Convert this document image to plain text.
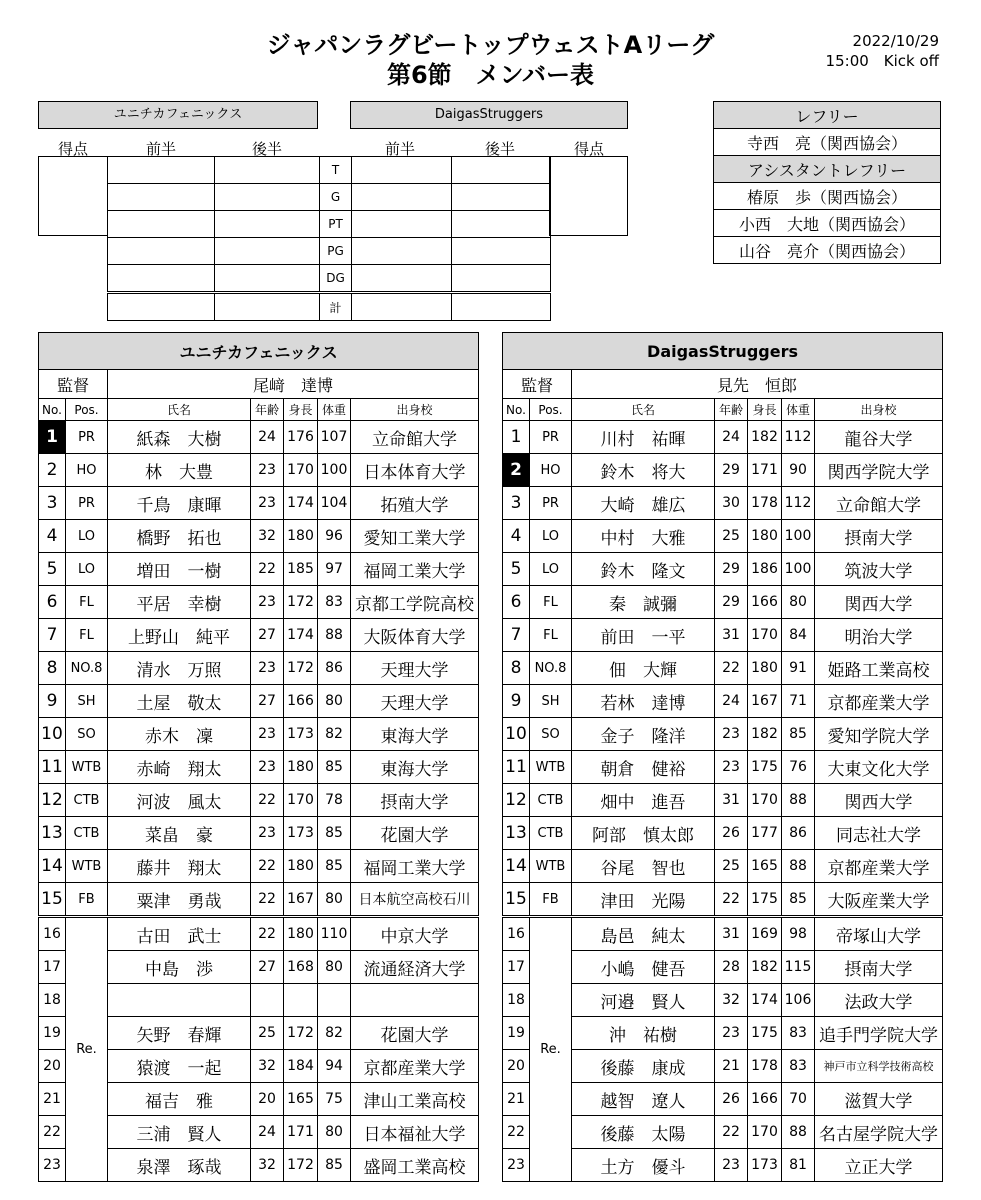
ジャパンラグビートップウェストAリーグ
第6節　メンバー表
2022/10/29
15:00　Kick off
ユニチカフェニックス	DaigasStruggers
得点	前半	後半	前半	後半	得点
		T		
		G		
		PT		
		PG		
		DG		
		計		
レフリー
寺西　亮（関西協会）
アシスタントレフリー
椿原　歩（関西協会）
小西　大地（関西協会）
山谷　亮介（関西協会）
ユニチカフェニックス						
監督		尾﨑　達博				
No.	Pos.	氏名	年齢	身長	体重	出身校
1	PR	紙森　大樹	24	176	107	立命館大学
2	HO	林　大豊	23	170	100	日本体育大学
3	PR	千鳥　康暉	23	174	104	拓殖大学
4	LO	橋野　拓也	32	180	96	愛知工業大学
5	LO	増田　一樹	22	185	97	福岡工業大学
6	FL	平居　幸樹	23	172	83	京都工学院高校
7	FL	上野山　純平	27	174	88	大阪体育大学
8	NO.8	清水　万照	23	172	86	天理大学
9	SH	土屋　敬太	27	166	80	天理大学
10	SO	赤木　凜	23	173	82	東海大学
11	WTB	赤崎　翔太	23	180	85	東海大学
12	CTB	河波　風太	22	170	78	摂南大学
13	CTB	菜畠　豪	23	173	85	花園大学
14	WTB	藤井　翔太	22	180	85	福岡工業大学
15	FB	粟津　勇哉	22	167	80	日本航空高校石川
16	Re.	古田　武士	22	180	110	中京大学
17		中島　渉	27	168	80	流通経済大学
18						
19		矢野　春輝	25	172	82	花園大学
20		猿渡　一起	32	184	94	京都産業大学
21		福吉　雅	20	165	75	津山工業高校
22		三浦　賢人	24	171	80	日本福祉大学
23		泉澤　琢哉	32	172	85	盛岡工業高校
DaigasStruggers						
監督		見先　恒郎				
No.	Pos.	氏名	年齢	身長	体重	出身校
1	PR	川村　祐暉	24	182	112	龍谷大学
2	HO	鈴木　将大	29	171	90	関西学院大学
3	PR	大崎　雄広	30	178	112	立命館大学
4	LO	中村　大雅	25	180	100	摂南大学
5	LO	鈴木　隆文	29	186	100	筑波大学
6	FL	秦　誠彌	29	166	80	関西大学
7	FL	前田　一平	31	170	84	明治大学
8	NO.8	佃　大輝	22	180	91	姫路工業高校
9	SH	若林　達博	24	167	71	京都産業大学
10	SO	金子　隆洋	23	182	85	愛知学院大学
11	WTB	朝倉　健裕	23	175	76	大東文化大学
12	CTB	畑中　進吾	31	170	88	関西大学
13	CTB	阿部　慎太郎	26	177	86	同志社大学
14	WTB	谷尾　智也	25	165	88	京都産業大学
15	FB	津田　光陽	22	175	85	大阪産業大学
16	Re.	島邑　純太	31	169	98	帝塚山大学
17		小嶋　健吾	28	182	115	摂南大学
18		河邉　賢人	32	174	106	法政大学
19		沖　祐樹	23	175	83	追手門学院大学
20		後藤　康成	21	178	83	神戸市立科学技術高校
21		越智　遼人	26	166	70	滋賀大学
22		後藤　太陽	22	170	88	名古屋学院大学
23		土方　優斗	23	173	81	立正大学
